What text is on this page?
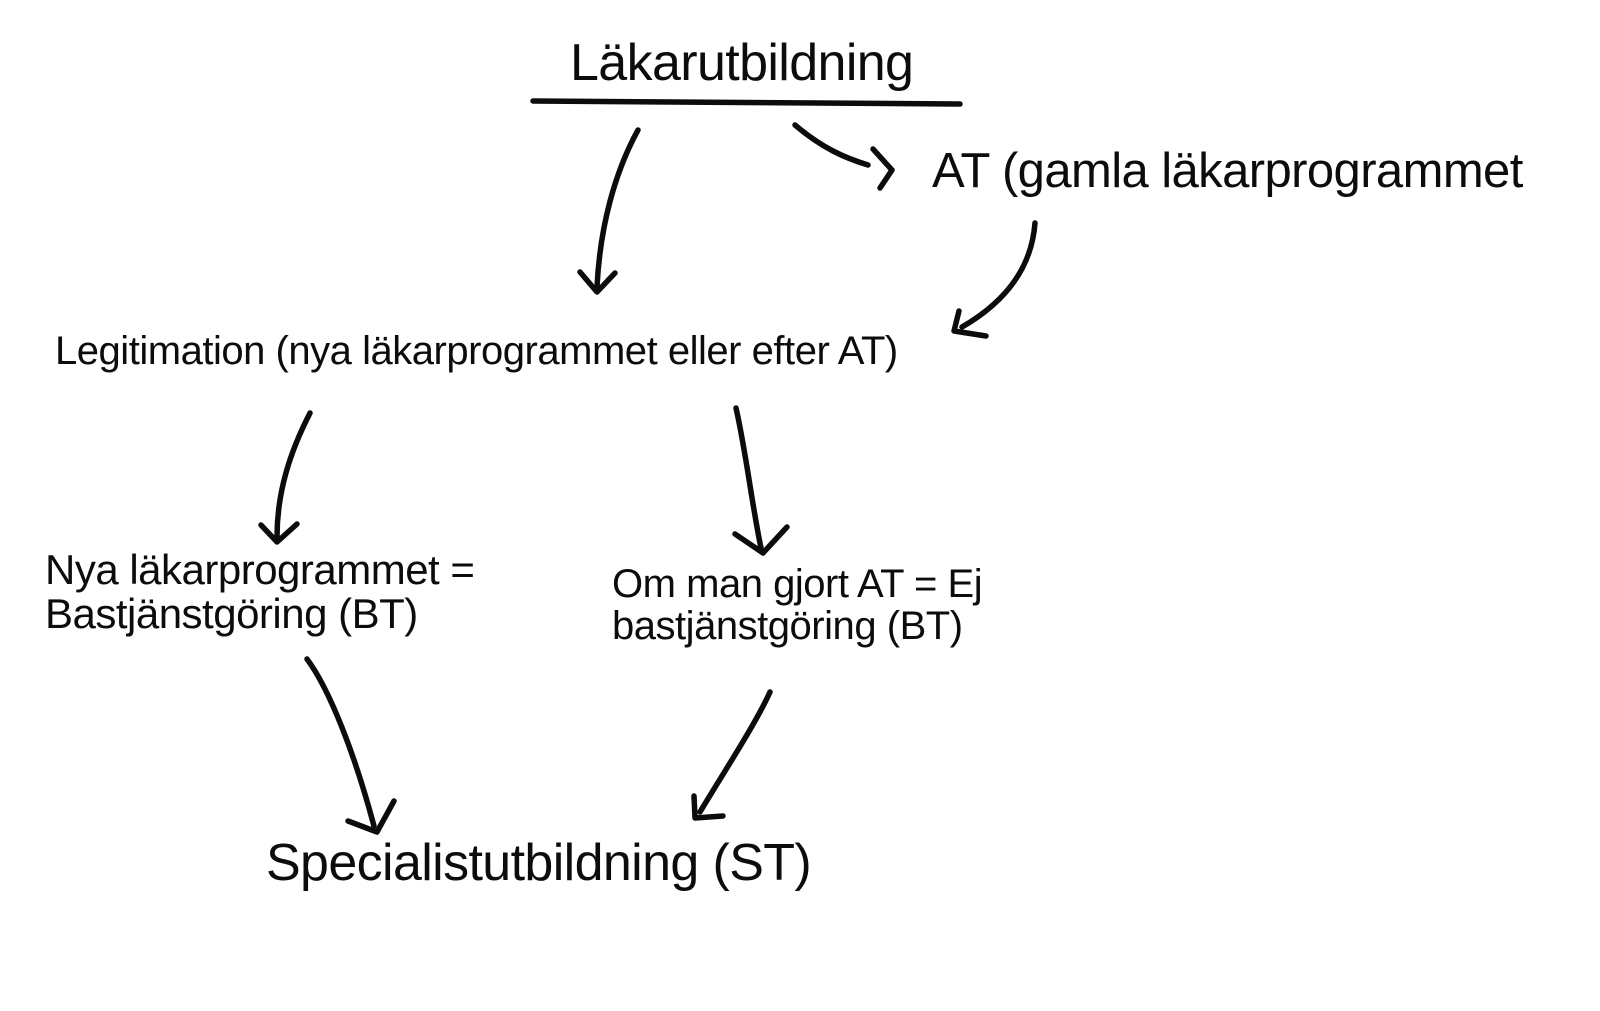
Läkarutbildning
AT (gamla läkarprogrammet
Legitimation (nya läkarprogrammet eller efter AT)
Nya läkarprogrammet =
Bastjänstgöring (BT)
Om man gjort AT = Ej
bastjänstgöring (BT)
Specialistutbildning (ST)
